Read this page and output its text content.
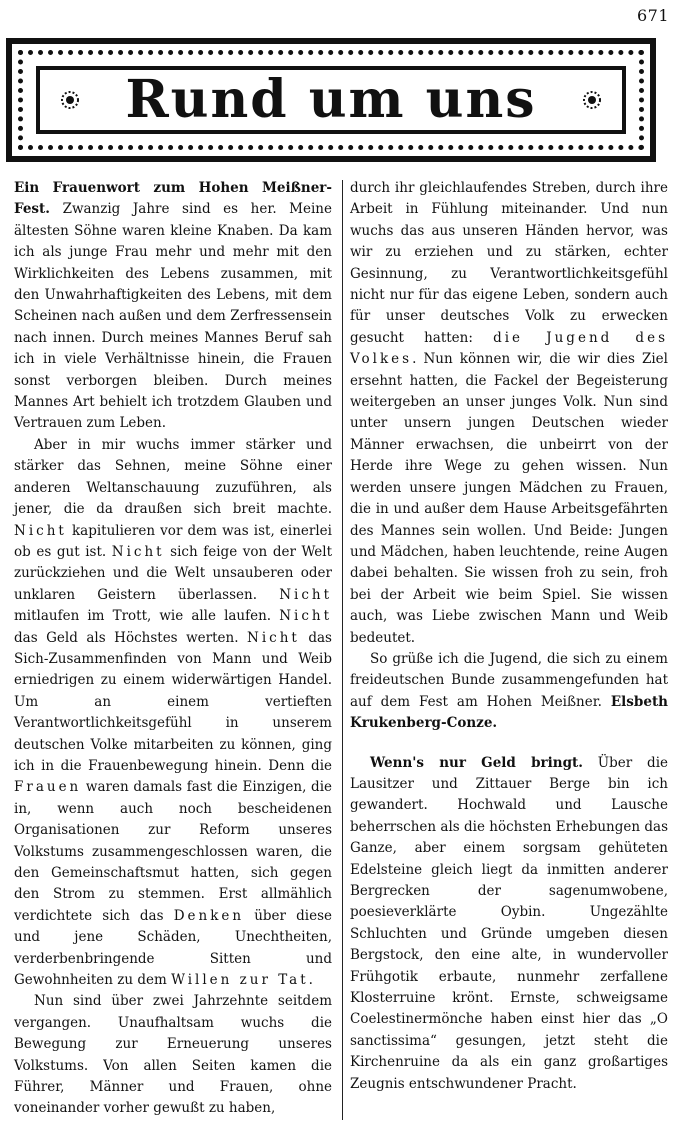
671
Rund um uns

Ein Frauenwort zum Hohen Meißner-Fest. Zwanzig Jahre sind es her. Meine ältesten Söhne waren kleine Knaben. Da kam ich als junge Frau mehr und mehr mit den Wirklichkeiten des Lebens zusammen, mit den Unwahrhaftigkeiten des Lebens, mit dem Scheinen nach außen und dem Zerfressensein nach innen. Durch meines Mannes Beruf sah ich in viele Verhältnisse hinein, die Frauen sonst verborgen bleiben. Durch meines Mannes Art behielt ich trotzdem Glauben und Vertrauen zum Leben.

Aber in mir wuchs immer stärker und stärker das Sehnen, meine Söhne einer anderen Weltanschauung zuzuführen, als jener, die da draußen sich breit machte. Nicht kapitulieren vor dem was ist, einerlei ob es gut ist. Nicht sich feige von der Welt zurückziehen und die Welt unsauberen oder unklaren Geistern überlassen. Nicht mitlaufen im Trott, wie alle laufen. Nicht das Geld als Höchstes werten. Nicht das Sich-Zusammenfinden von Mann und Weib erniedrigen zu einem widerwärtigen Handel. Um an einem vertieften Verantwortlichkeitsgefühl in unserem deutschen Volke mitarbeiten zu können, ging ich in die Frauenbewegung hinein. Denn die Frauen waren damals fast die Einzigen, die in, wenn auch noch bescheidenen Organisationen zur Reform unseres Volkstums zusammengeschlossen waren, die den Gemeinschaftsmut hatten, sich gegen den Strom zu stemmen. Erst allmählich verdichtete sich das Denken über diese und jene Schäden, Unechtheiten, verderbenbringende Sitten und Gewohnheiten zu dem Willen zur Tat.

Nun sind über zwei Jahrzehnte seitdem vergangen. Unaufhaltsam wuchs die Bewegung zur Erneuerung unseres Volkstums. Von allen Seiten kamen die Führer, Männer und Frauen, ohne voneinander vorher gewußt zu haben,

durch ihr gleichlaufendes Streben, durch ihre Arbeit in Fühlung miteinander. Und nun wuchs das aus unseren Händen hervor, was wir zu erziehen und zu stärken, echter Gesinnung, zu Verantwortlichkeitsgefühl nicht nur für das eigene Leben, sondern auch für unser deutsches Volk zu erwecken gesucht hatten: die Jugend des Volkes. Nun können wir, die wir dies Ziel ersehnt hatten, die Fackel der Begeisterung weitergeben an unser junges Volk. Nun sind unter unsern jungen Deutschen wieder Männer erwachsen, die unbeirrt von der Herde ihre Wege zu gehen wissen. Nun werden unsere jungen Mädchen zu Frauen, die in und außer dem Hause Arbeitsgefährten des Mannes sein wollen. Und Beide: Jungen und Mädchen, haben leuchtende, reine Augen dabei behalten. Sie wissen froh zu sein, froh bei der Arbeit wie beim Spiel. Sie wissen auch, was Liebe zwischen Mann und Weib bedeutet.

So grüße ich die Jugend, die sich zu einem freideutschen Bunde zusammengefunden hat auf dem Fest am Hohen Meißner. Elsbeth Krukenberg-Conze.

Wenn's nur Geld bringt. Über die Lausitzer und Zittauer Berge bin ich gewandert. Hochwald und Lausche beherrschen als die höchsten Erhebungen das Ganze, aber einem sorgsam gehüteten Edelsteine gleich liegt da inmitten anderer Bergrecken der sagenumwobene, poesieverklärte Oybin. Ungezählte Schluchten und Gründe umgeben diesen Bergstock, den eine alte, in wundervoller Frühgotik erbaute, nunmehr zerfallene Klosterruine krönt. Ernste, schweigsame Coelestinermönche haben einst hier das „O sanctissima“ gesungen, jetzt steht die Kirchenruine da als ein ganz großartiges Zeugnis entschwundener Pracht.
